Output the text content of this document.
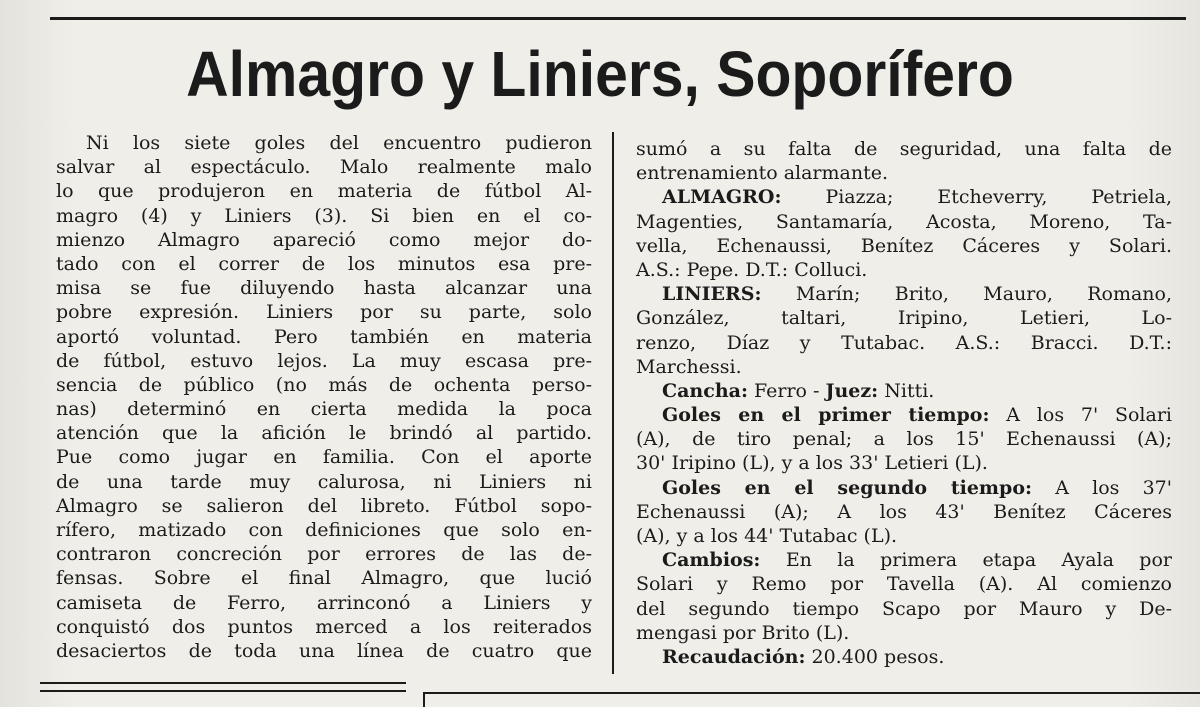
Almagro y Liniers, Soporífero
Ni los siete goles del encuentro pudieron
salvar al espectáculo. Malo realmente malo
lo que produjeron en materia de fútbol Al-
magro (4) y Liniers (3). Si bien en el co-
mienzo Almagro apareció como mejor do-
tado con el correr de los minutos esa pre-
misa se fue diluyendo hasta alcanzar una
pobre expresión. Liniers por su parte, solo
aportó voluntad. Pero también en materia
de fútbol, estuvo lejos. La muy escasa pre-
sencia de público (no más de ochenta perso-
nas) determinó en cierta medida la poca
atención que la afición le brindó al partido.
Pue como jugar en familia. Con el aporte
de una tarde muy calurosa, ni Liniers ni
Almagro se salieron del libreto. Fútbol sopo-
rífero, matizado con definiciones que solo en-
contraron concreción por errores de las de-
fensas. Sobre el final Almagro, que lució
camiseta de Ferro, arrinconó a Liniers y
conquistó dos puntos merced a los reiterados
desaciertos de toda una línea de cuatro que
sumó a su falta de seguridad, una falta de
entrenamiento alarmante.
ALMAGRO: Piazza; Etcheverry, Petriela,
Magenties, Santamaría, Acosta, Moreno, Ta-
vella, Echenaussi, Benítez Cáceres y Solari.
A.S.: Pepe. D.T.: Colluci.
LINIERS: Marín; Brito, Mauro, Romano,
González, taltari, Iripino, Letieri, Lo-
renzo, Díaz y Tutabac. A.S.: Bracci. D.T.:
Marchessi.
Cancha: Ferro - Juez: Nitti.
Goles en el primer tiempo: A los 7' Solari
(A), de tiro penal; a los 15' Echenaussi (A);
30' Iripino (L), y a los 33' Letieri (L).
Goles en el segundo tiempo: A los 37'
Echenaussi (A); A los 43' Benítez Cáceres
(A), y a los 44' Tutabac (L).
Cambios: En la primera etapa Ayala por
Solari y Remo por Tavella (A). Al comienzo
del segundo tiempo Scapo por Mauro y De-
mengasi por Brito (L).
Recaudación: 20.400 pesos.
